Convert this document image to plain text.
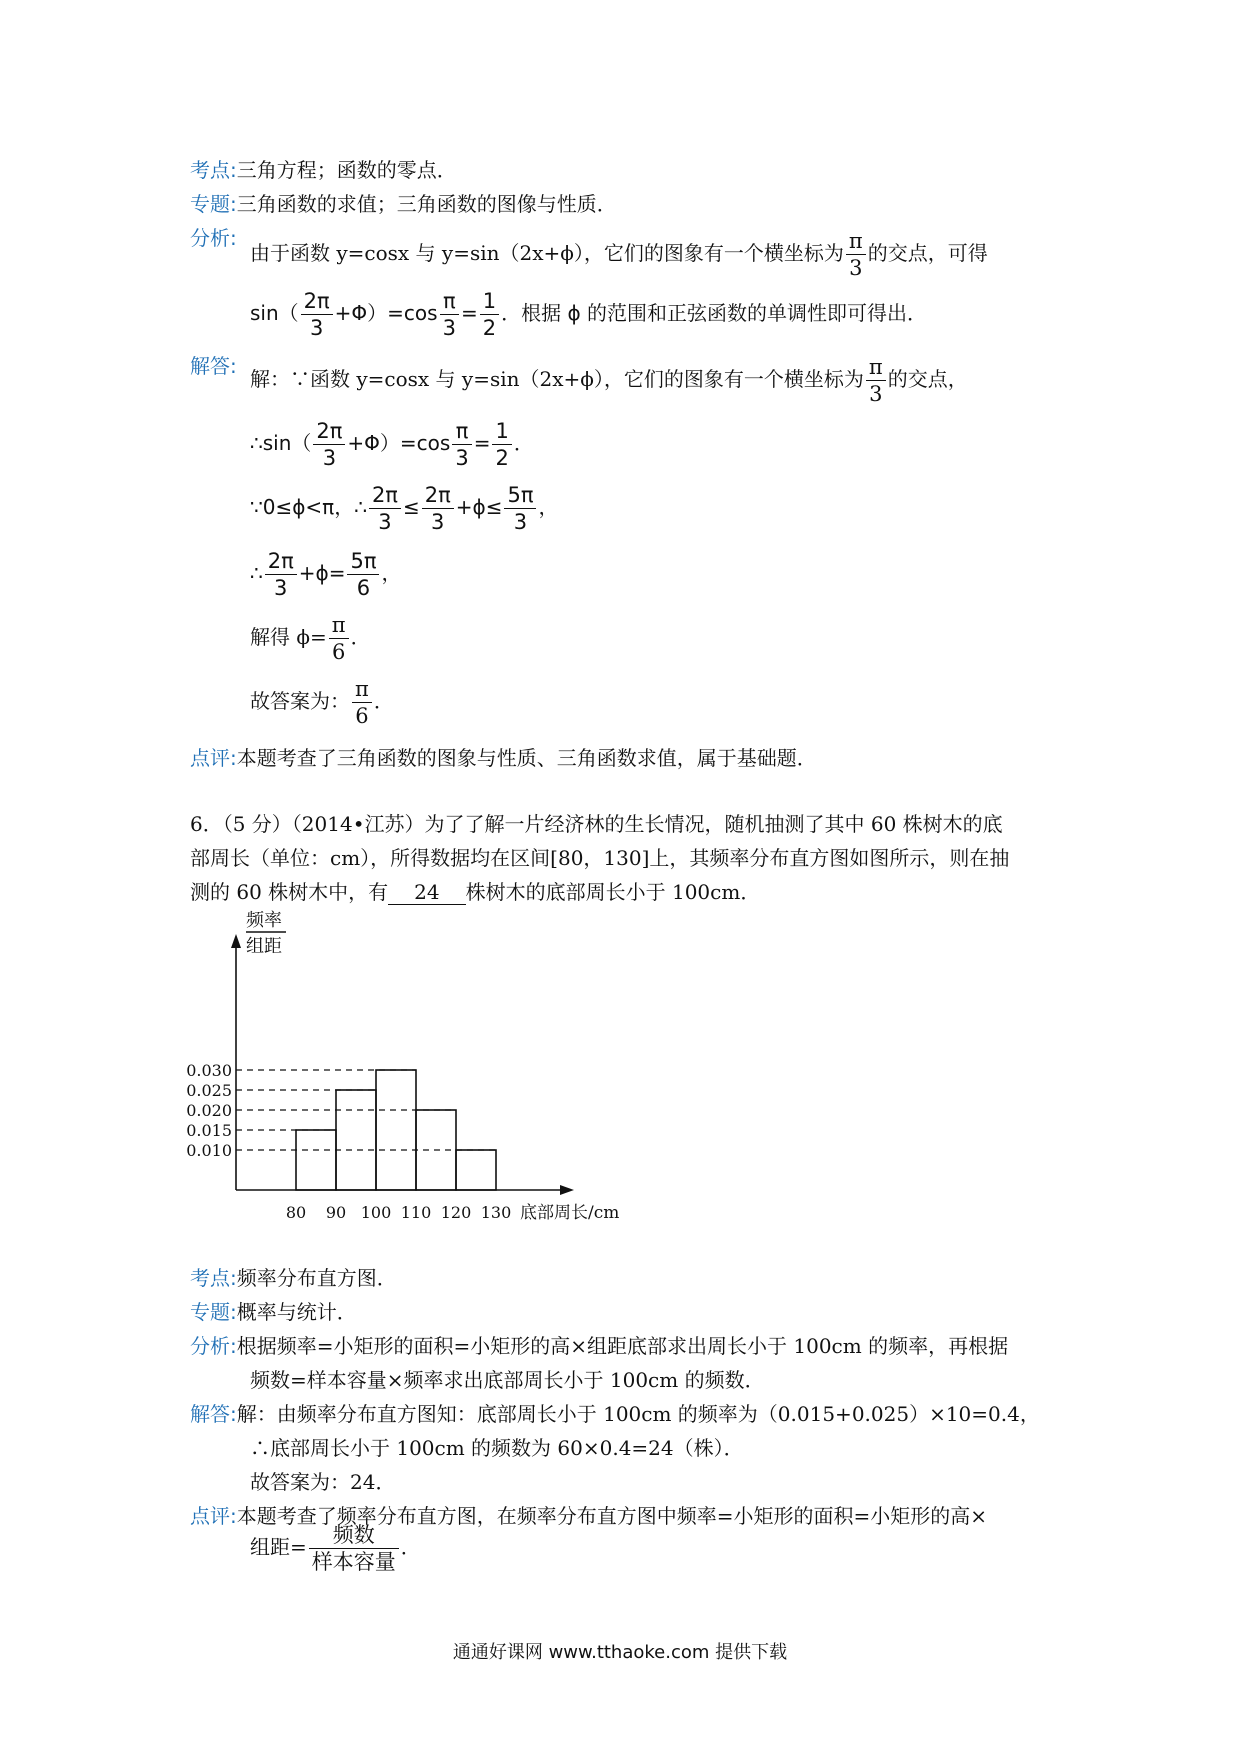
考点:三角方程；函数的零点．
专题:三角函数的求值；三角函数的图像与性质．
分析:
由于函数 y=cosx 与 y=sin（2x+ϕ），它们的图象有一个横坐标为 $\frac{\pi}{3}$ 的交点，可得
$\sin( \frac{2\pi}{3} +\Phi)=\cos \frac{\pi}{3} = \frac{1}{2}$ ．根据 ϕ 的范围和正弦函数的单调性即可得出．
解答:
解：∵函数 y=cosx 与 y=sin（2x+ϕ），它们的图象有一个横坐标为 $\frac{\pi}{3}$ 的交点，
∴sin（ $\frac{2\pi}{3} +\Phi)=\cos \frac{\pi}{3} = \frac{1}{2}$ ．
∵0≤ϕ<π，∴ $\frac{2\pi}{3} \le \frac{2\pi}{3} +\phi\le \frac{5\pi}{3}$ ，
∴ $\frac{2\pi}{3} +\phi= \frac{5\pi}{6}$ ，
解得 $\phi= \frac{\pi}{6}$ ．
故答案为： $\frac{\pi}{6}$ ．
点评:本题考查了三角函数的图象与性质、三角函数求值，属于基础题．
6．（5 分）（2014•江苏）为了了解一片经济林的生长情况，随机抽测了其中 60 株树木的底
部周长（单位：cm），所得数据均在区间[80，130]上，其频率分布直方图如图所示，则在抽
测的 60 株树木中，有 24 株树木的底部周长小于 100cm．
0.030
0.025
0.020
0.015
0.010
80 90 100 110 120 130 底部周长/cm
频率
组距
考点:频率分布直方图．
专题:概率与统计．
分析:根据频率=小矩形的面积=小矩形的高×组距底部求出周长小于 100cm 的频率，再根据
频数=样本容量×频率求出底部周长小于 100cm 的频数．
解答:解：由频率分布直方图知：底部周长小于 100cm 的频率为（0.015+0.025）×10=0.4，
∴底部周长小于 100cm 的频数为 60×0.4=24（株）．
故答案为：24．
点评:本题考查了频率分布直方图，在频率分布直方图中频率=小矩形的面积=小矩形的高×
组距= $\frac{\text{频数}}{\text{样本容量}}$ ．
通通好课网 www.tthaoke.com 提供下载
